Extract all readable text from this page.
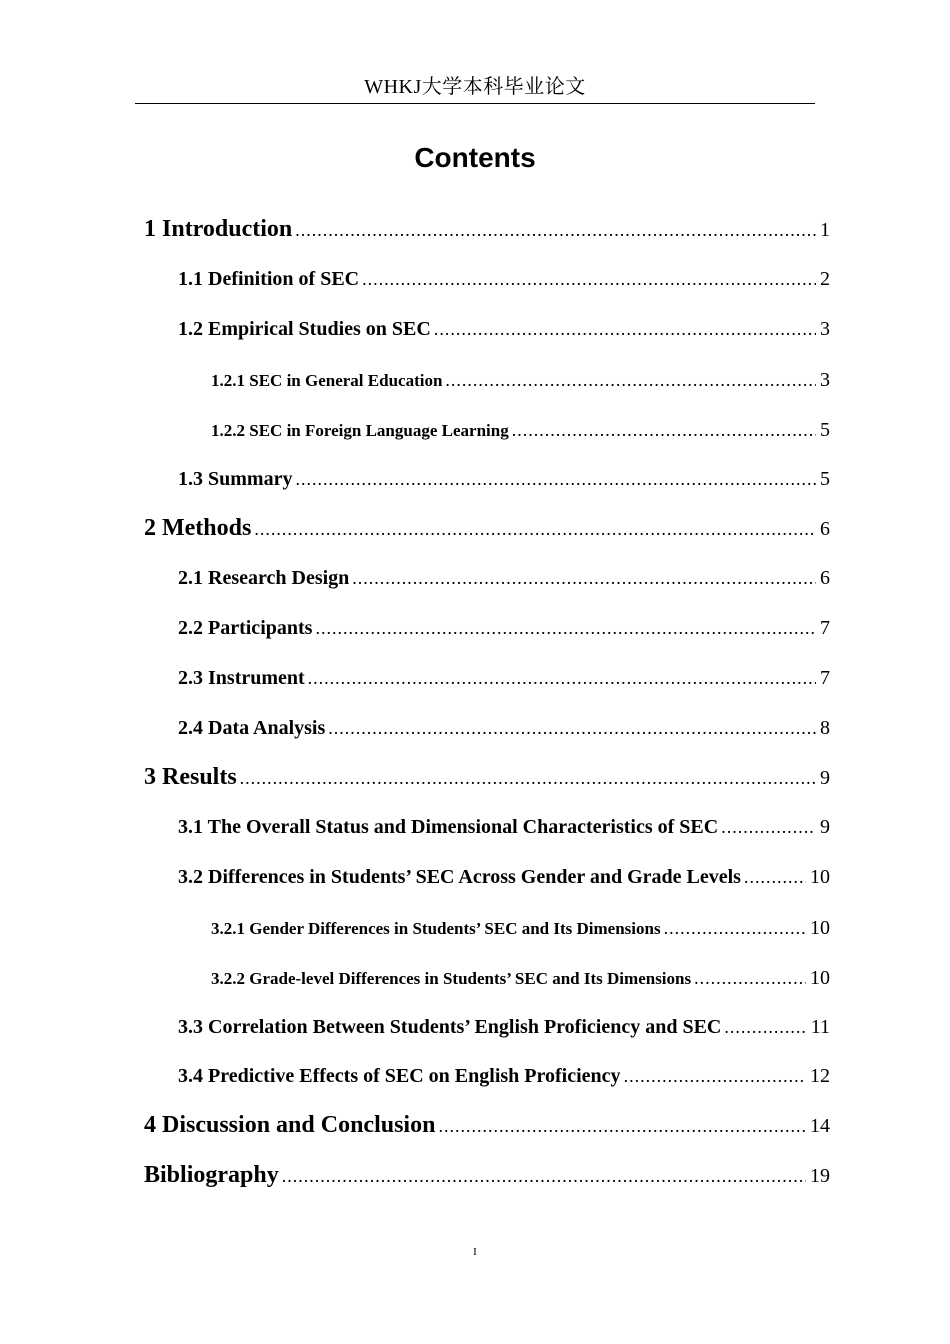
WHKJ大学本科毕业论文
Contents
1 Introduction .....	1
1.1 Definition of SEC .....	2
1.2 Empirical Studies on SEC .....	3
1.2.1 SEC in General Education .....	3
1.2.2 SEC in Foreign Language Learning .....	5
1.3 Summary .....	5
2 Methods .....	6
2.1 Research Design .....	6
2.2 Participants .....	7
2.3 Instrument .....	7
2.4 Data Analysis .....	8
3 Results .....	9
3.1 The Overall Status and Dimensional Characteristics of SEC .....	9
3.2 Differences in Students’ SEC Across Gender and Grade Levels .....	10
3.2.1 Gender Differences in Students’ SEC and Its Dimensions .....	10
3.2.2 Grade-level Differences in Students’ SEC and Its Dimensions .....	10
3.3 Correlation Between Students’ English Proficiency and SEC .....	11
3.4 Predictive Effects of SEC on English Proficiency .....	12
4 Discussion and Conclusion .....	14
Bibliography .....	19
I
